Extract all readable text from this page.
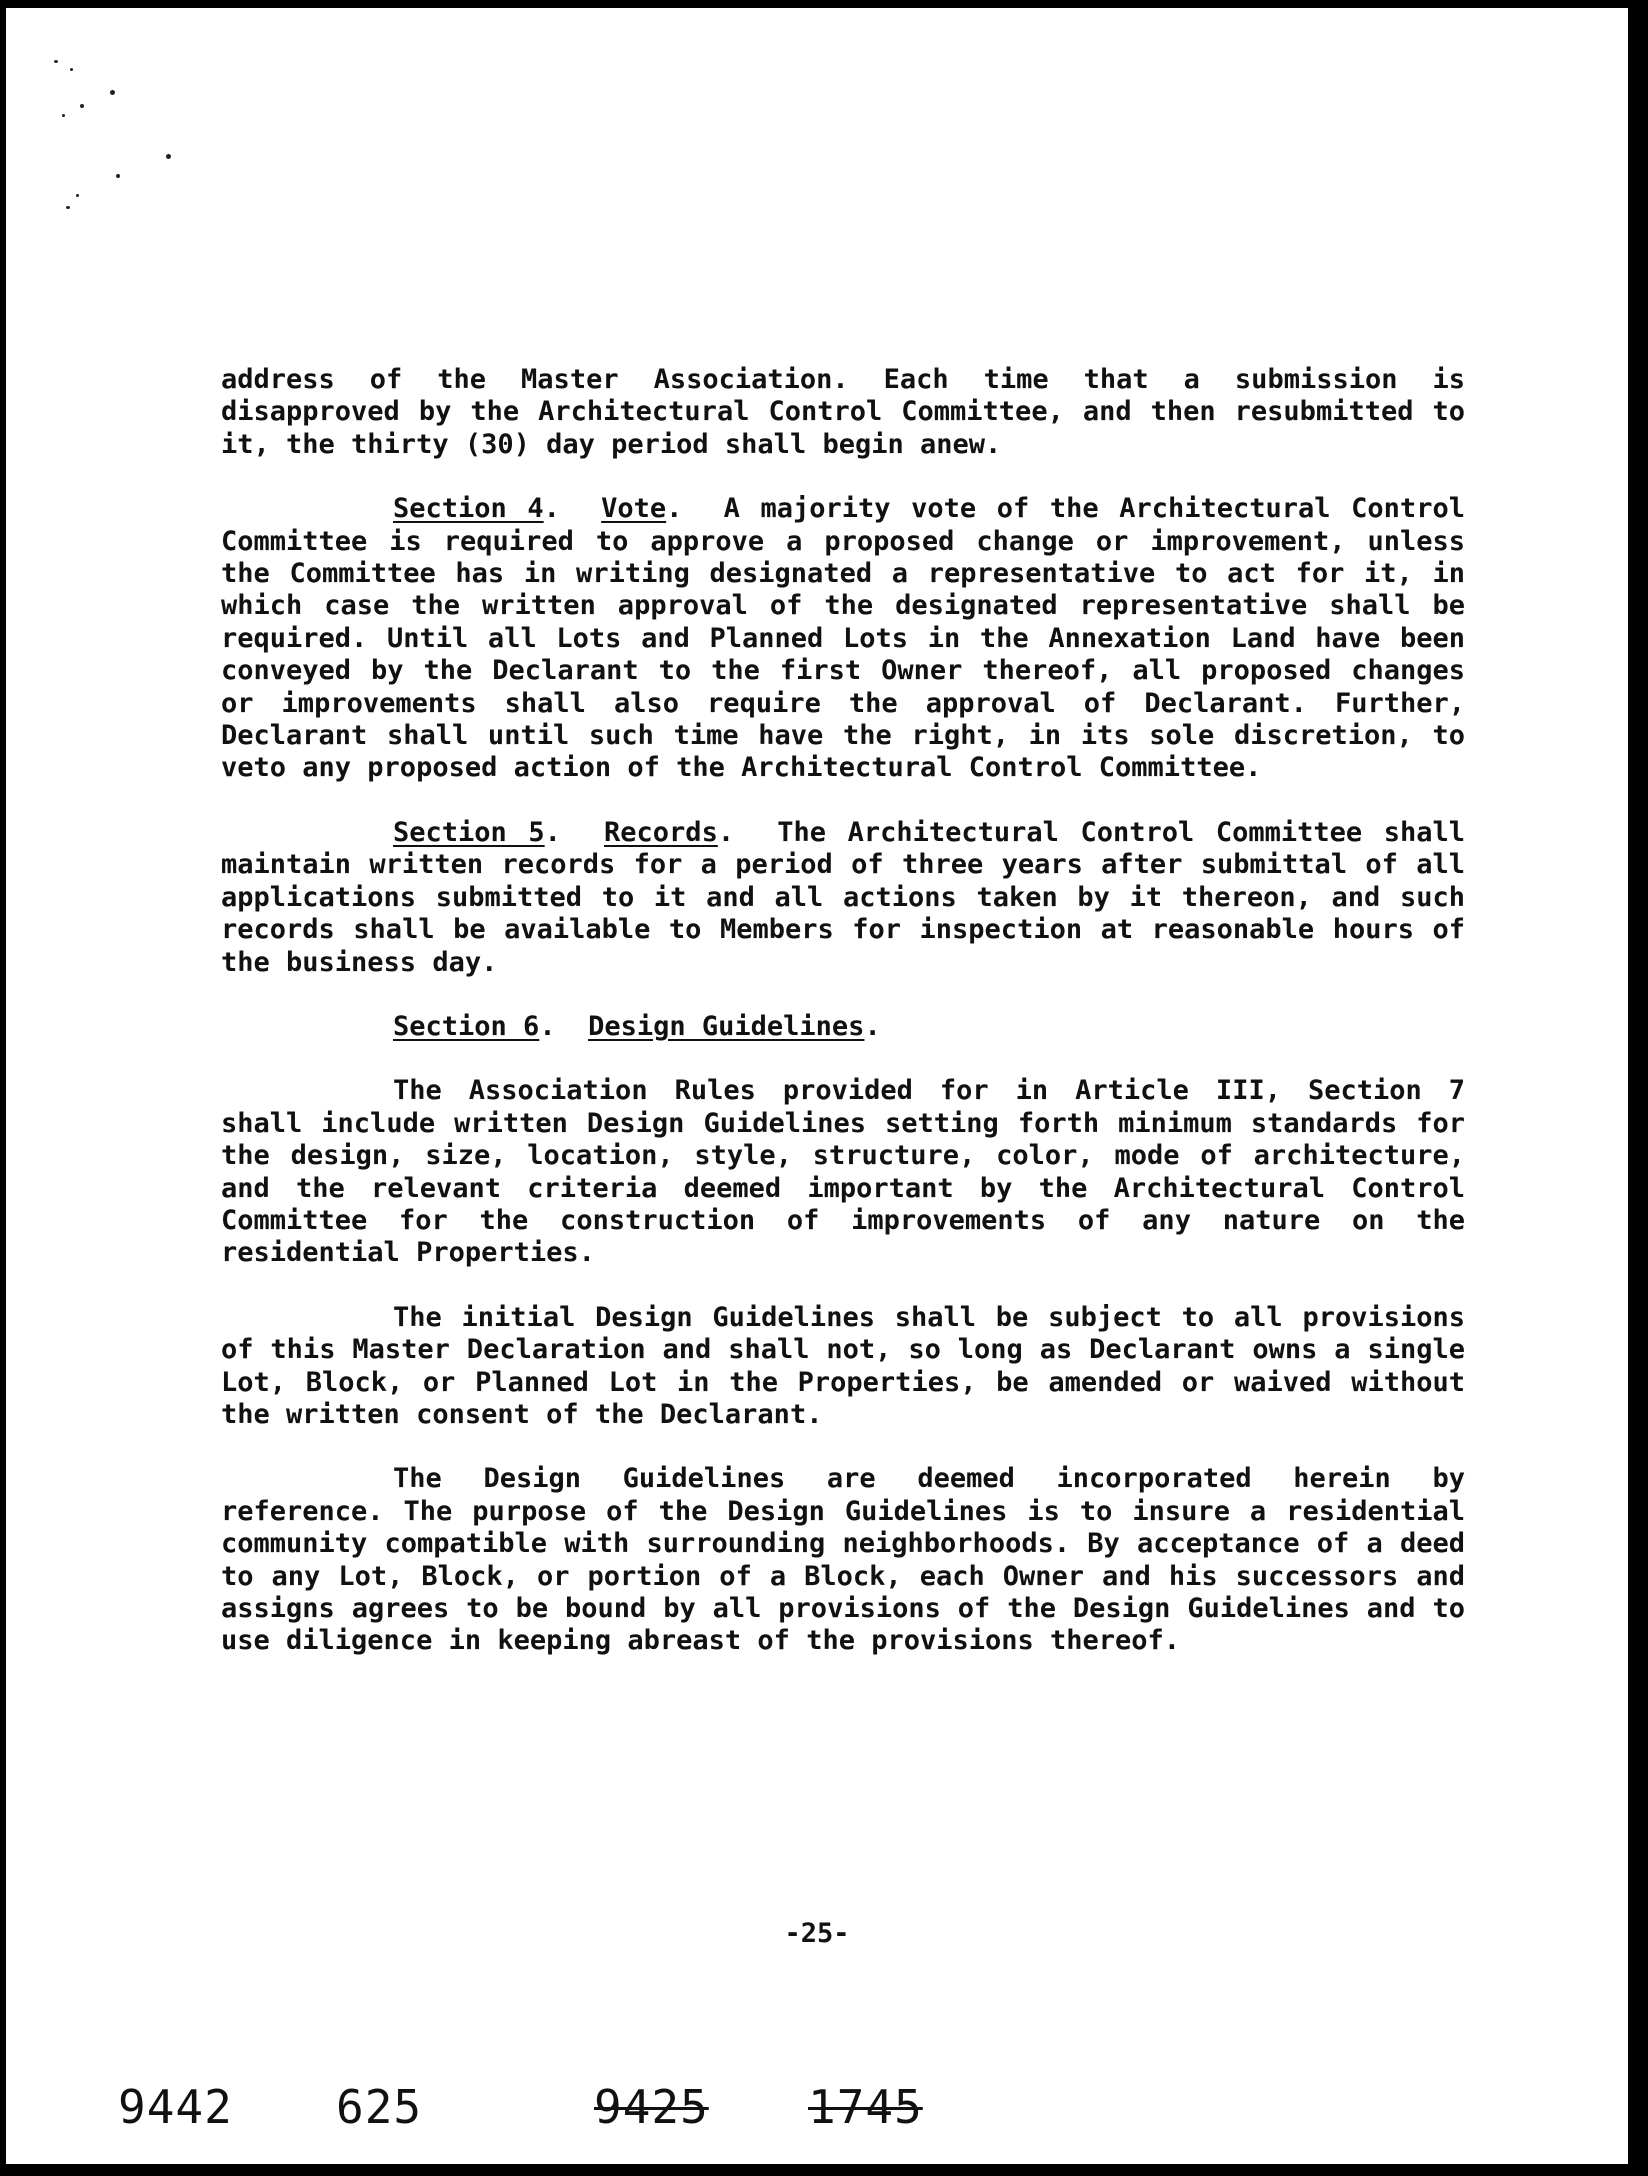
address of the Master Association. Each time that a submission is disapproved by the Architectural Control Committee, and then resubmitted to it, the thirty (30) day period shall begin anew.

Section 4.  Vote.  A majority vote of the Architectural Control Committee is required to approve a proposed change or improvement, unless the Committee has in writing designated a representative to act for it, in which case the written approval of the designated representative shall be required. Until all Lots and Planned Lots in the Annexation Land have been conveyed by the Declarant to the first Owner thereof, all proposed changes or improvements shall also require the approval of Declarant. Further, Declarant shall until such time have the right, in its sole discretion, to veto any proposed action of the Architectural Control Committee.

Section 5.  Records.  The Architectural Control Committee shall maintain written records for a period of three years after submittal of all applications submitted to it and all actions taken by it thereon, and such records shall be available to Members for inspection at reasonable hours of the business day.

Section 6.  Design Guidelines.

The Association Rules provided for in Article III, Section 7 shall include written Design Guidelines setting forth minimum standards for the design, size, location, style, structure, color, mode of architecture, and the relevant criteria deemed important by the Architectural Control Committee for the construction of improvements of any nature on the residential Properties.

The initial Design Guidelines shall be subject to all provisions of this Master Declaration and shall not, so long as Declarant owns a single Lot, Block, or Planned Lot in the Properties, be amended or waived without the written consent of the Declarant.

The Design Guidelines are deemed incorporated herein by reference. The purpose of the Design Guidelines is to insure a residential community compatible with surrounding neighborhoods. By acceptance of a deed to any Lot, Block, or portion of a Block, each Owner and his successors and assigns agrees to be bound by all provisions of the Design Guidelines and to use diligence in keeping abreast of the provisions thereof.

-25-
9442 625	9425 1745
